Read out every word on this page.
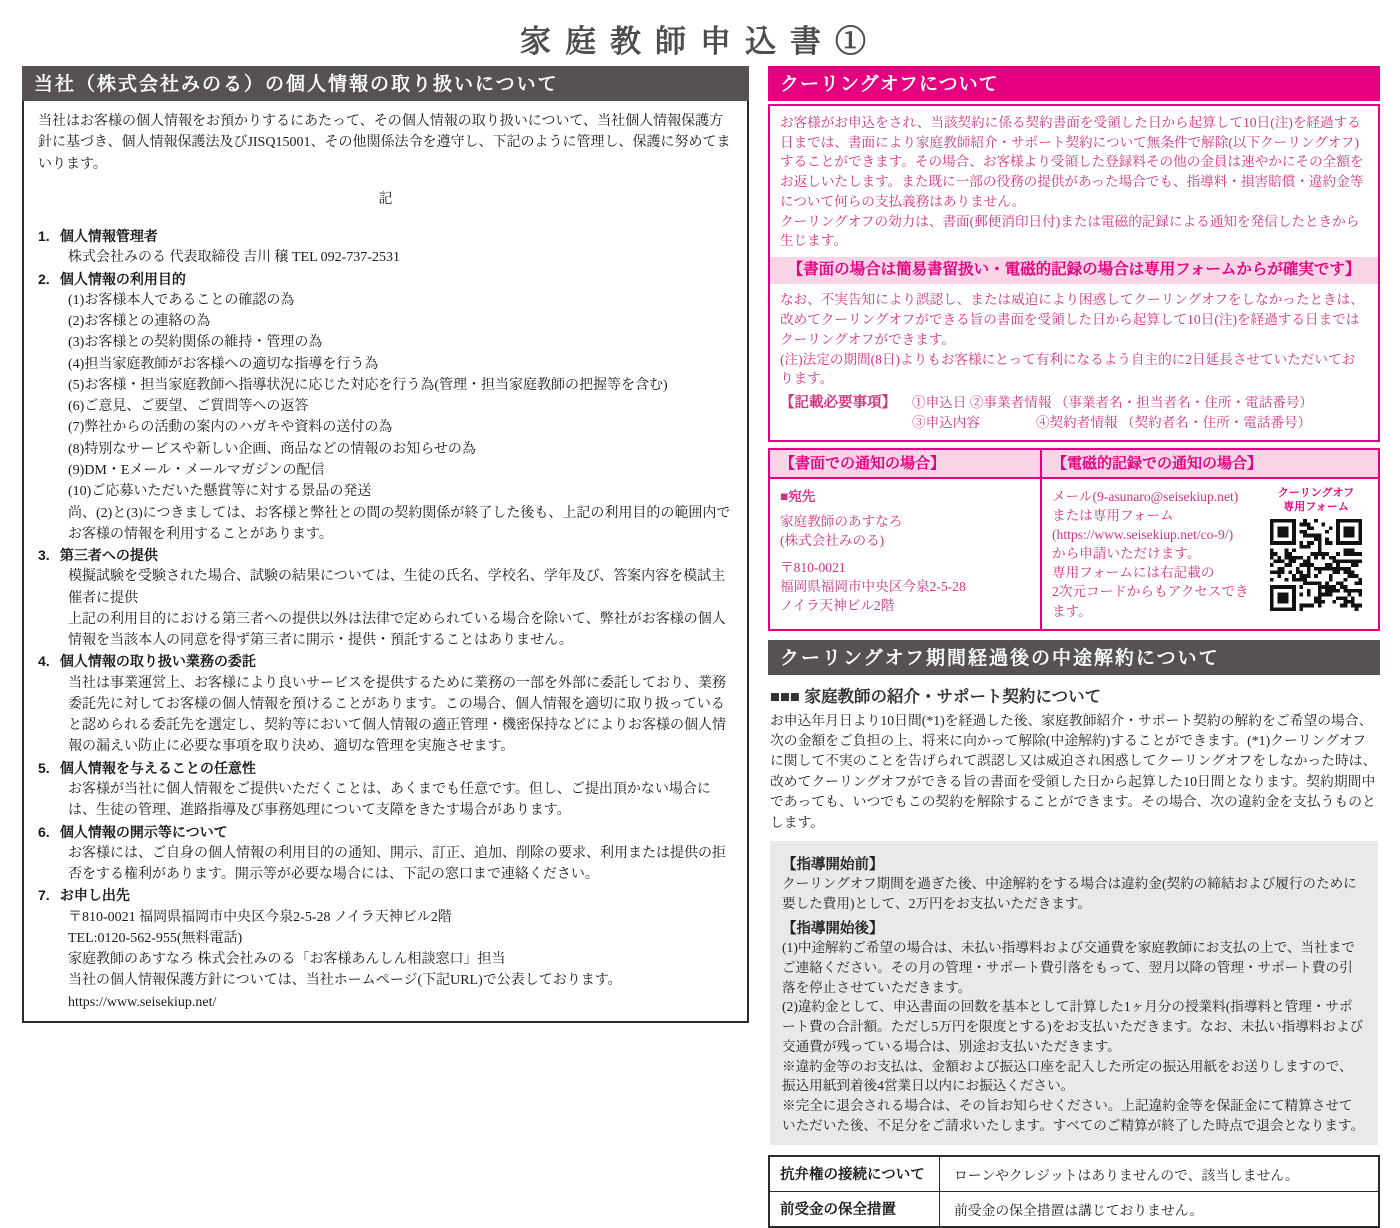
家庭教師申込書①
当社（株式会社みのる）の個人情報の取り扱いについて

当社はお客様の個人情報をお預かりするにあたって、その個人情報の取り扱いについて、当社個人情報保護方針に基づき、個人情報保護法及びJISQ15001、その他関係法令を遵守し、下記のように管理し、保護に努めてまいります。

記

1. 個人情報管理者
株式会社みのる 代表取締役 吉川 穣 TEL 092-737-2531
2. 個人情報の利用目的
(1)お客様本人であることの確認の為
(2)お客様との連絡の為
(3)お客様との契約関係の維持・管理の為
(4)担当家庭教師がお客様への適切な指導を行う為
(5)お客様・担当家庭教師へ指導状況に応じた対応を行う為(管理・担当家庭教師の把握等を含む)
(6)ご意見、ご要望、ご質問等への返答
(7)弊社からの活動の案内のハガキや資料の送付の為
(8)特別なサービスや新しい企画、商品などの情報のお知らせの為
(9)DM・Eメール・メールマガジンの配信
(10)ご応募いただいた懸賞等に対する景品の発送
尚、(2)と(3)につきましては、お客様と弊社との間の契約関係が終了した後も、上記の利用目的の範囲内でお客様の情報を利用することがあります。
3. 第三者への提供
模擬試験を受験された場合、試験の結果については、生徒の氏名、学校名、学年及び、答案内容を模試主催者に提供
上記の利用目的における第三者への提供以外は法律で定められている場合を除いて、弊社がお客様の個人情報を当該本人の同意を得ず第三者に開示・提供・預託することはありません。
4. 個人情報の取り扱い業務の委託
当社は事業運営上、お客様により良いサービスを提供するために業務の一部を外部に委託しており、業務委託先に対してお客様の個人情報を預けることがあります。この場合、個人情報を適切に取り扱っていると認められる委託先を選定し、契約等において個人情報の適正管理・機密保持などによりお客様の個人情報の漏えい防止に必要な事項を取り決め、適切な管理を実施させます。
5. 個人情報を与えることの任意性
お客様が当社に個人情報をご提供いただくことは、あくまでも任意です。但し、ご提出頂かない場合には、生徒の管理、進路指導及び事務処理について支障をきたす場合があります。
6. 個人情報の開示等について
お客様には、ご自身の個人情報の利用目的の通知、開示、訂正、追加、削除の要求、利用または提供の拒否をする権利があります。開示等が必要な場合には、下記の窓口まで連絡ください。
7. お申し出先
〒810-0021 福岡県福岡市中央区今泉2-5-28 ノイラ天神ビル2階
TEL:0120-562-955(無料電話)
家庭教師のあすなろ 株式会社みのる「お客様あんしん相談窓口」担当
当社の個人情報保護方針については、当社ホームページ(下記URL)で公表しております。
https://www.seisekiup.net/
クーリングオフについて

お客様がお申込をされ、当該契約に係る契約書面を受領した日から起算して10日(注)を経過する日までは、書面により家庭教師紹介・サポート契約について無条件で解除(以下クーリングオフ)することができます。その場合、お客様より受領した登録料その他の金員は速やかにその全額をお返しいたします。また既に一部の役務の提供があった場合でも、指導料・損害賠償・違約金等について何らの支払義務はありません。

クーリングオフの効力は、書面(郵便消印日付)または電磁的記録による通知を発信したときから生じます。

【書面の場合は簡易書留扱い・電磁的記録の場合は専用フォームからが確実です】

なお、不実告知により誤認し、または威迫により困惑してクーリングオフをしなかったときは、改めてクーリングオフができる旨の書面を受領した日から起算して10日(注)を経過する日まではクーリングオフができます。

(注)法定の期間(8日)よりもお客様にとって有利になるよう自主的に2日延長させていただいております。

【記載必要事項】	①申込日 ②事業者情報 （事業者名・担当者名・住所・電話番号）
③申込内容	④契約者情報 （契約者名・住所・電話番号）
【書面での通知の場合】	【電磁的記録での通知の場合】
■宛先
家庭教師のあすなろ
(株式会社みのる)
〒810-0021
福岡県福岡市中央区今泉2-5-28
ノイラ天神ビル2階
メール(9-asunaro@seisekiup.net)
または専用フォーム
(https://www.seisekiup.net/co-9/)
から申請いただけます。
専用フォームには右記載の
2次元コードからもアクセスできます。
クーリングオフ
専用フォーム
クーリングオフ期間経過後の中途解約について
■■■ 家庭教師の紹介・サポート契約について

お申込年月日より10日間(*1)を経過した後、家庭教師紹介・サポート契約の解約をご希望の場合、次の金額をご負担の上、将来に向かって解除(中途解約)することができます。(*1)クーリングオフに関して不実のことを告げられて誤認し又は威迫され困惑してクーリングオフをしなかった時は、改めてクーリングオフができる旨の書面を受領した日から起算した10日間となります。契約期間中であっても、いつでもこの契約を解除することができます。その場合、次の違約金を支払うものとします。

【指導開始前】

クーリングオフ期間を過ぎた後、中途解約をする場合は違約金(契約の締結および履行のために要した費用)として、2万円をお支払いただきます。

【指導開始後】

(1)中途解約ご希望の場合は、未払い指導料および交通費を家庭教師にお支払の上で、当社までご連絡ください。その月の管理・サポート費引落をもって、翌月以降の管理・サポート費の引落を停止させていただきます。

(2)違約金として、申込書面の回数を基本として計算した1ヶ月分の授業料(指導料と管理・サポート費の合計額。ただし5万円を限度とする)をお支払いただきます。なお、未払い指導料および交通費が残っている場合は、別途お支払いただきます。

※違約金等のお支払は、金額および振込口座を記入した所定の振込用紙をお送りしますので、振込用紙到着後4営業日以内にお振込ください。

※完全に退会される場合は、その旨お知らせください。上記違約金等を保証金にて精算させていただいた後、不足分をご請求いたします。すべてのご精算が終了した時点で退会となります。

抗弁権の接続について	ローンやクレジットはありませんので、該当しません。
前受金の保全措置	前受金の保全措置は講じておりません。
